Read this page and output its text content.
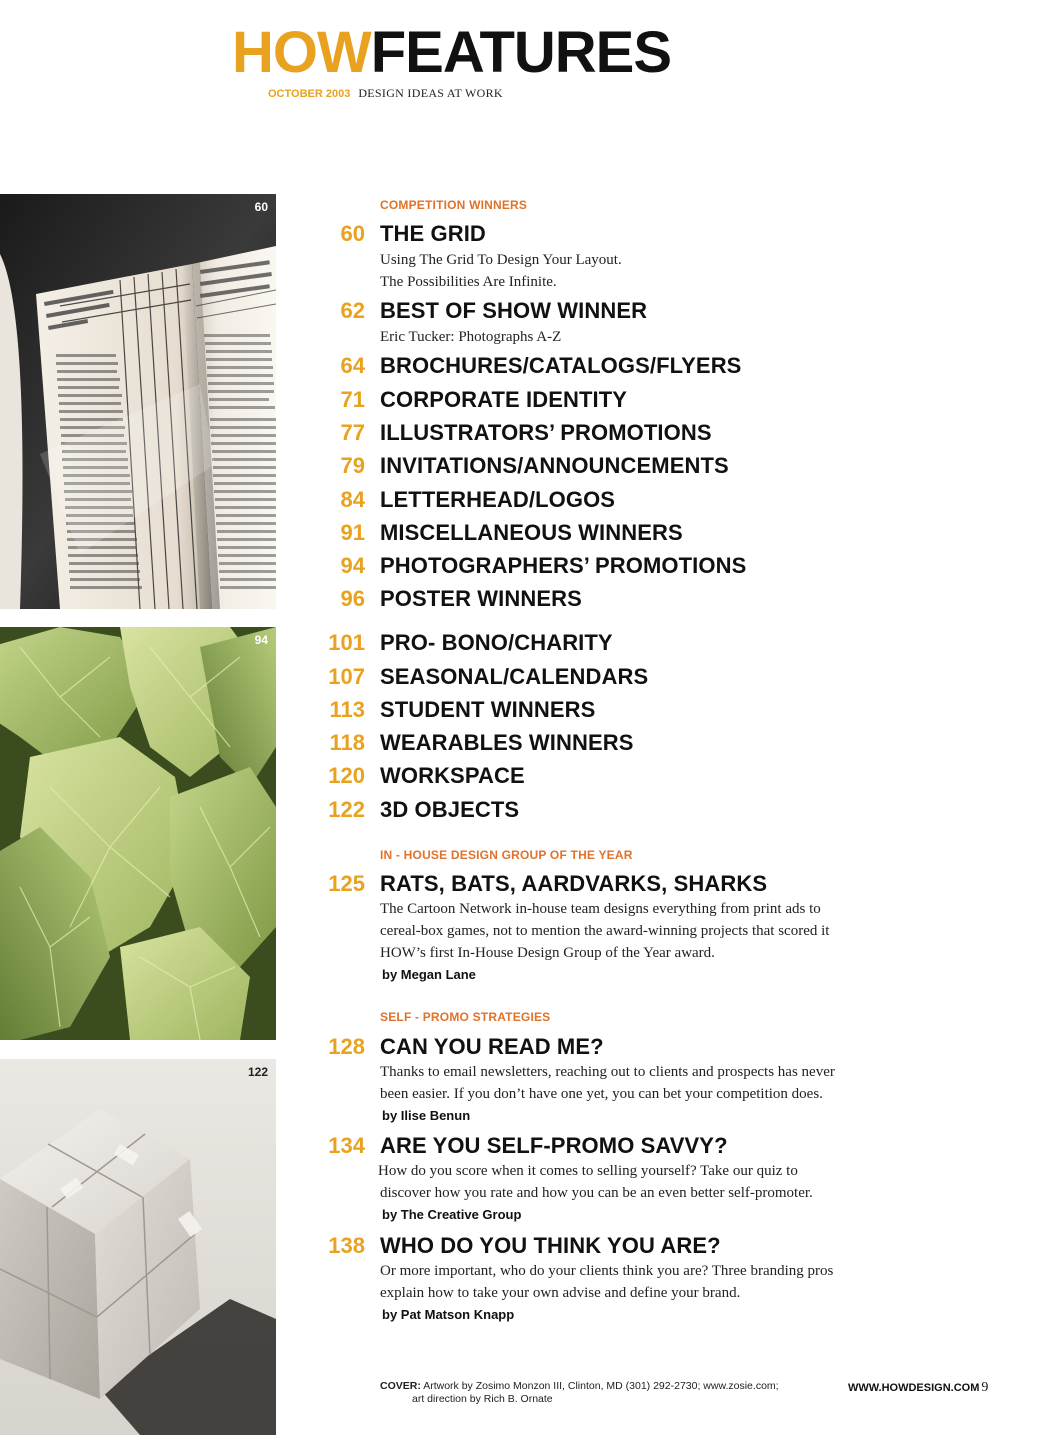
HOWFEATURES
OCTOBER 2003 DESIGN IDEAS AT WORK
60
94
122
COMPETITION WINNERS
60 THE GRID
Using The Grid To Design Your Layout.
The Possibilities Are Infinite.
62 BEST OF SHOW WINNER
Eric Tucker: Photographs A-Z
64 BROCHURES/CATALOGS/FLYERS
71 CORPORATE IDENTITY
77 ILLUSTRATORS’ PROMOTIONS
79 INVITATIONS/ANNOUNCEMENTS
84 LETTERHEAD/LOGOS
91 MISCELLANEOUS WINNERS
94 PHOTOGRAPHERS’ PROMOTIONS
96 POSTER WINNERS
101 PRO- BONO/CHARITY
107 SEASONAL/CALENDARS
113 STUDENT WINNERS
118 WEARABLES WINNERS
120 WORKSPACE
122 3D OBJECTS
IN - HOUSE DESIGN GROUP OF THE YEAR
125 RATS, BATS, AARDVARKS, SHARKS
The Cartoon Network in-house team designs everything from print ads to
cereal-box games, not to mention the award-winning projects that scored it
HOW’s first In-House Design Group of the Year award.
by Megan Lane
SELF - PROMO STRATEGIES
128 CAN YOU READ ME?
Thanks to email newsletters, reaching out to clients and prospects has never
been easier. If you don’t have one yet, you can bet your competition does.
by Ilise Benun
134 ARE YOU SELF-PROMO SAVVY?
How do you score when it comes to selling yourself? Take our quiz to
discover how you rate and how you can be an even better self-promoter.
by The Creative Group
138 WHO DO YOU THINK YOU ARE?
Or more important, who do your clients think you are? Three branding pros
explain how to take your own advise and define your brand.
by Pat Matson Knapp
COVER: Artwork by Zosimo Monzon III, Clinton, MD (301) 292-2730; www.zosie.com;
art direction by Rich B. Ornate
WWW.HOWDESIGN.COM 9
